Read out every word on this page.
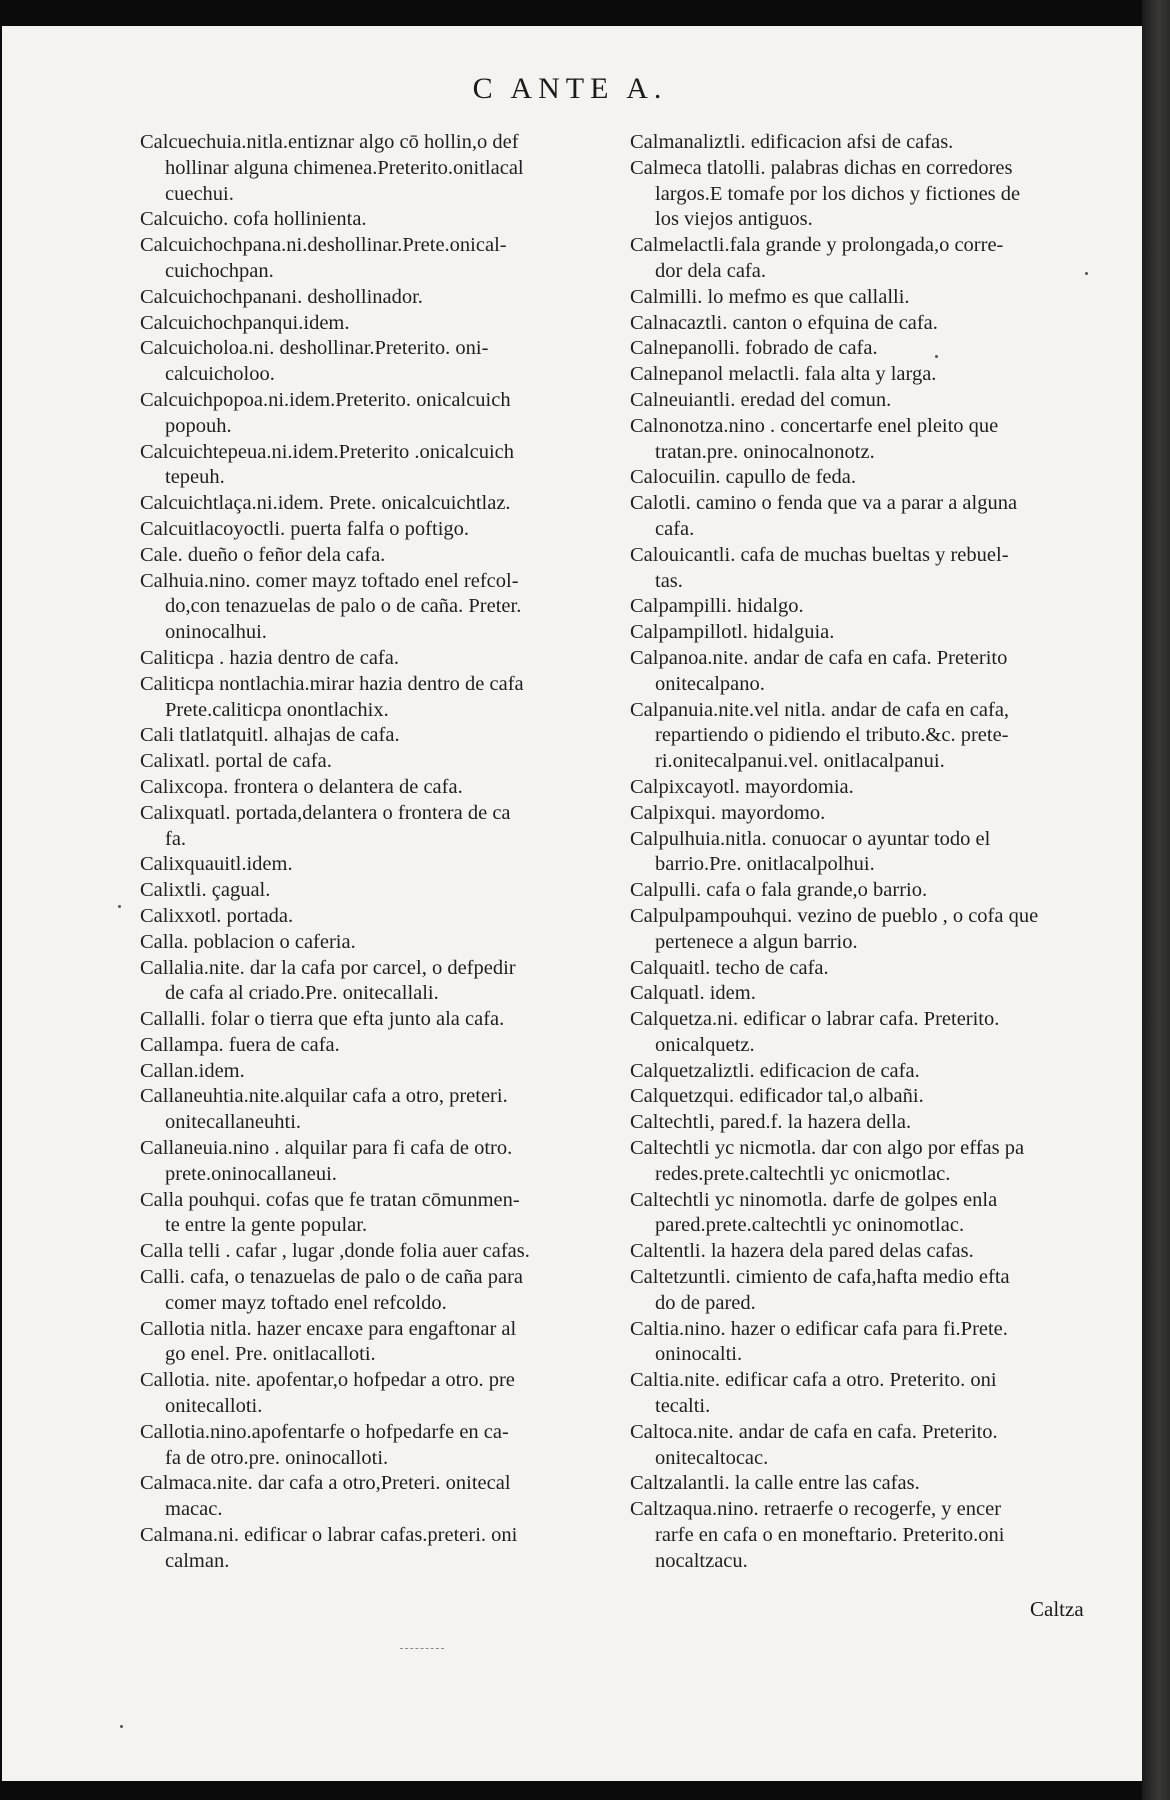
C ANTE A.
Calcuechuia.nitla.entiznar algo cō hollin,o def
hollinar alguna chimenea.Preterito.onitlacal
cuechui.
Calcuicho. cofa hollinienta.
Calcuichochpana.ni.deshollinar.Prete.onical-
cuichochpan.
Calcuichochpanani. deshollinador.
Calcuichochpanqui.idem.
Calcuicholoa.ni. deshollinar.Preterito. oni-
calcuicholoo.
Calcuichpopoa.ni.idem.Preterito. onicalcuich
popouh.
Calcuichtepeua.ni.idem.Preterito .onicalcuich
tepeuh.
Calcuichtlaça.ni.idem. Prete. onicalcuichtlaz.
Calcuitlacoyoctli. puerta falfa o poftigo.
Cale. dueño o feñor dela cafa.
Calhuia.nino. comer mayz toftado enel refcol-
do,con tenazuelas de palo o de caña. Preter.
oninocalhui.
Caliticpa . hazia dentro de cafa.
Caliticpa nontlachia.mirar hazia dentro de cafa
Prete.caliticpa onontlachix.
Cali tlatlatquitl. alhajas de cafa.
Calixatl. portal de cafa.
Calixcopa. frontera o delantera de cafa.
Calixquatl. portada,delantera o frontera de ca
fa.
Calixquauitl.idem.
Calixtli. çagual.
Calixxotl. portada.
Calla. poblacion o caferia.
Callalia.nite. dar la cafa por carcel, o defpedir
de cafa al criado.Pre. onitecallali.
Callalli. folar o tierra que efta junto ala cafa.
Callampa. fuera de cafa.
Callan.idem.
Callaneuhtia.nite.alquilar cafa a otro, preteri.
onitecallaneuhti.
Callaneuia.nino . alquilar para fi cafa de otro.
prete.oninocallaneui.
Calla pouhqui. cofas que fe tratan cōmunmen-
te entre la gente popular.
Calla telli . cafar , lugar ,donde folia auer cafas.
Calli. cafa, o tenazuelas de palo o de caña para
comer mayz toftado enel refcoldo.
Callotia nitla. hazer encaxe para engaftonar al
go enel. Pre. onitlacalloti.
Callotia. nite. apofentar,o hofpedar a otro. pre
onitecalloti.
Callotia.nino.apofentarfe o hofpedarfe en ca-
fa de otro.pre. oninocalloti.
Calmaca.nite. dar cafa a otro,Preteri. onitecal
macac.
Calmana.ni. edificar o labrar cafas.preteri. oni
calman.
Calmanaliztli. edificacion afsi de cafas.
Calmeca tlatolli. palabras dichas en corredores
largos.E tomafe por los dichos y fictiones de
los viejos antiguos.
Calmelactli.fala grande y prolongada,o corre-
dor dela cafa.
Calmilli. lo mefmo es que callalli.
Calnacaztli. canton o efquina de cafa.
Calnepanolli. fobrado de cafa.
Calnepanol melactli. fala alta y larga.
Calneuiantli. eredad del comun.
Calnonotza.nino . concertarfe enel pleito que
tratan.pre. oninocalnonotz.
Calocuilin. capullo de feda.
Calotli. camino o fenda que va a parar a alguna
cafa.
Calouicantli. cafa de muchas bueltas y rebuel-
tas.
Calpampilli. hidalgo.
Calpampillotl. hidalguia.
Calpanoa.nite. andar de cafa en cafa. Preterito
onitecalpano.
Calpanuia.nite.vel nitla. andar de cafa en cafa,
repartiendo o pidiendo el tributo.&c. prete-
ri.onitecalpanui.vel. onitlacalpanui.
Calpixcayotl. mayordomia.
Calpixqui. mayordomo.
Calpulhuia.nitla. conuocar o ayuntar todo el
barrio.Pre. onitlacalpolhui.
Calpulli. cafa o fala grande,o barrio.
Calpulpampouhqui. vezino de pueblo , o cofa que
pertenece a algun barrio.
Calquaitl. techo de cafa.
Calquatl. idem.
Calquetza.ni. edificar o labrar cafa. Preterito.
onicalquetz.
Calquetzaliztli. edificacion de cafa.
Calquetzqui. edificador tal,o albañi.
Caltechtli, pared.f. la hazera della.
Caltechtli yc nicmotla. dar con algo por effas pa
redes.prete.caltechtli yc onicmotlac.
Caltechtli yc ninomotla. darfe de golpes enla
pared.prete.caltechtli yc oninomotlac.
Caltentli. la hazera dela pared delas cafas.
Caltetzuntli. cimiento de cafa,hafta medio efta
do de pared.
Caltia.nino. hazer o edificar cafa para fi.Prete.
oninocalti.
Caltia.nite. edificar cafa a otro. Preterito. oni
tecalti.
Caltoca.nite. andar de cafa en cafa. Preterito.
onitecaltocac.
Caltzalantli. la calle entre las cafas.
Caltzaqua.nino. retraerfe o recogerfe, y encer
rarfe en cafa o en moneftario. Preterito.oni
nocaltzacu.
Caltza
